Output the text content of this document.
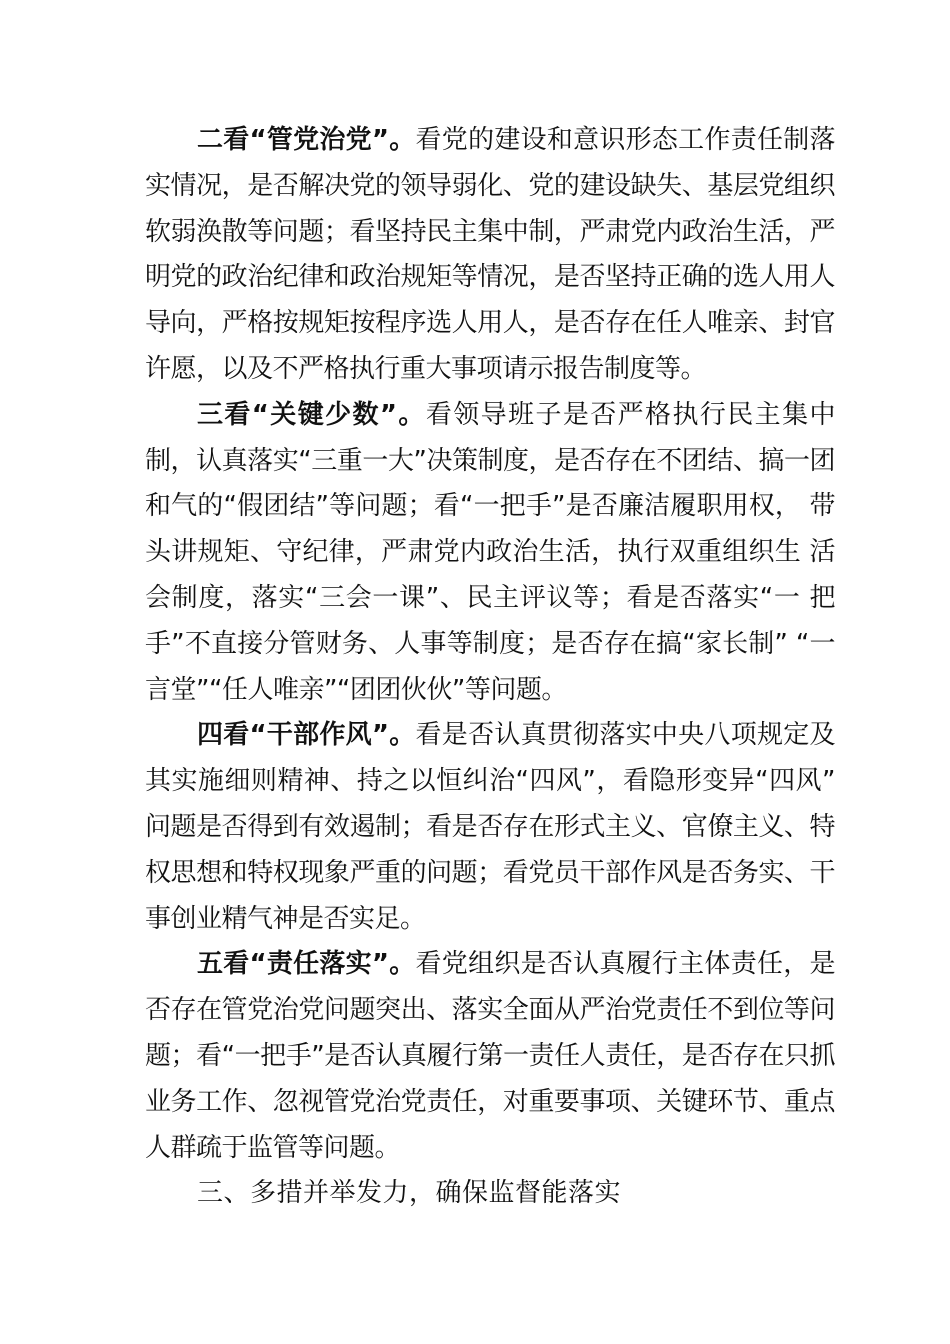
二看“管党治党”。看党的建设和意识形态工作责任制落实情况，是否解决党的领导弱化、党的建设缺失、基层党组织软弱涣散等问题；看坚持民主集中制，严肃党内政治生活，严明党的政治纪律和政治规矩等情况，是否坚持正确的选人用人导向，严格按规矩按程序选人用人，是否存在任人唯亲、封官许愿，以及不严格执行重大事项请示报告制度等。

三看“关键少数”。看领导班子是否严格执行民主集中制，认真落实“三重一大”决策制度，是否存在不团结、搞一团 和气的“假团结”等问题；看“一把手”是否廉洁履职用权， 带头讲规矩、守纪律，严肃党内政治生活，执行双重组织生 活会制度，落实“三会一课”、民主评议等；看是否落实“一 把手”不直接分管财务、人事等制度；是否存在搞“家长制” “一言堂”“任人唯亲”“团团伙伙”等问题。

四看“干部作风”。看是否认真贯彻落实中央八项规定及其实施细则精神、持之以恒纠治“四风”，看隐形变异“四风” 问题是否得到有效遏制；看是否存在形式主义、官僚主义、特权思想和特权现象严重的问题；看党员干部作风是否务实、干事创业精气神是否实足。

五看“责任落实”。看党组织是否认真履行主体责任，是否存在管党治党问题突出、落实全面从严治党责任不到位等问题；看“一把手”是否认真履行第一责任人责任，是否存在只抓业务工作、忽视管党治党责任，对重要事项、关键环节、重点人群疏于监管等问题。

三、多措并举发力，确保监督能落实
